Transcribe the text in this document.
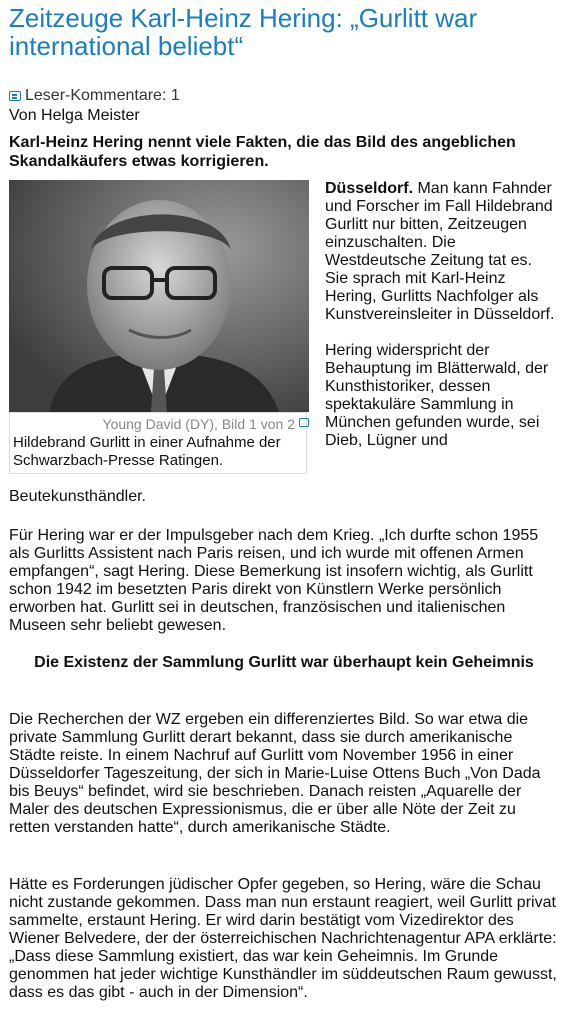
Zeitzeuge Karl-Heinz Hering: „Gurlitt war international beliebt“
Leser-Kommentare: 1
Von Helga Meister

Karl-Heinz Hering nennt viele Fakten, die das Bild des angeblichen Skandalkäufers etwas korrigieren.

Young David (DY), Bild 1 von 2
Hildebrand Gurlitt in einer Aufnahme der Schwarzbach-Presse Ratingen.

Düsseldorf. Man kann Fahnder und Forscher im Fall Hildebrand Gurlitt nur bitten, Zeitzeugen einzuschalten. Die Westdeutsche Zeitung tat es. Sie sprach mit Karl-Heinz Hering, Gurlitts Nachfolger als Kunstvereinsleiter in Düsseldorf.

Hering widerspricht der Behauptung im Blätterwald, der Kunsthistoriker, dessen spektakuläre Sammlung in München gefunden wurde, sei Dieb, Lügner und

Beutekunsthändler.

Für Hering war er der Impulsgeber nach dem Krieg. „Ich durfte schon 1955 als Gurlitts Assistent nach Paris reisen, und ich wurde mit offenen Armen empfangen“, sagt Hering. Diese Bemerkung ist insofern wichtig, als Gurlitt schon 1942 im besetzten Paris direkt von Künstlern Werke persönlich erworben hat. Gurlitt sei in deutschen, französischen und italienischen Museen sehr beliebt gewesen.

Die Existenz der Sammlung Gurlitt war überhaupt kein Geheimnis

Die Recherchen der WZ ergeben ein differenziertes Bild. So war etwa die private Sammlung Gurlitt derart bekannt, dass sie durch amerikanische Städte reiste. In einem Nachruf auf Gurlitt vom November 1956 in einer Düsseldorfer Tageszeitung, der sich in Marie-Luise Ottens Buch „Von Dada bis Beuys“ befindet, wird sie beschrieben. Danach reisten „Aquarelle der Maler des deutschen Expressionismus, die er über alle Nöte der Zeit zu retten verstanden hatte“, durch amerikanische Städte.

Hätte es Forderungen jüdischer Opfer gegeben, so Hering, wäre die Schau nicht zustande gekommen. Dass man nun erstaunt reagiert, weil Gurlitt privat sammelte, erstaunt Hering. Er wird darin bestätigt vom Vizedirektor des Wiener Belvedere, der der österreichischen Nachrichtenagentur APA erklärte: „Dass diese Sammlung existiert, das war kein Geheimnis. Im Grunde genommen hat jeder wichtige Kunsthändler im süddeutschen Raum gewusst, dass es das gibt - auch in der Dimension“.
